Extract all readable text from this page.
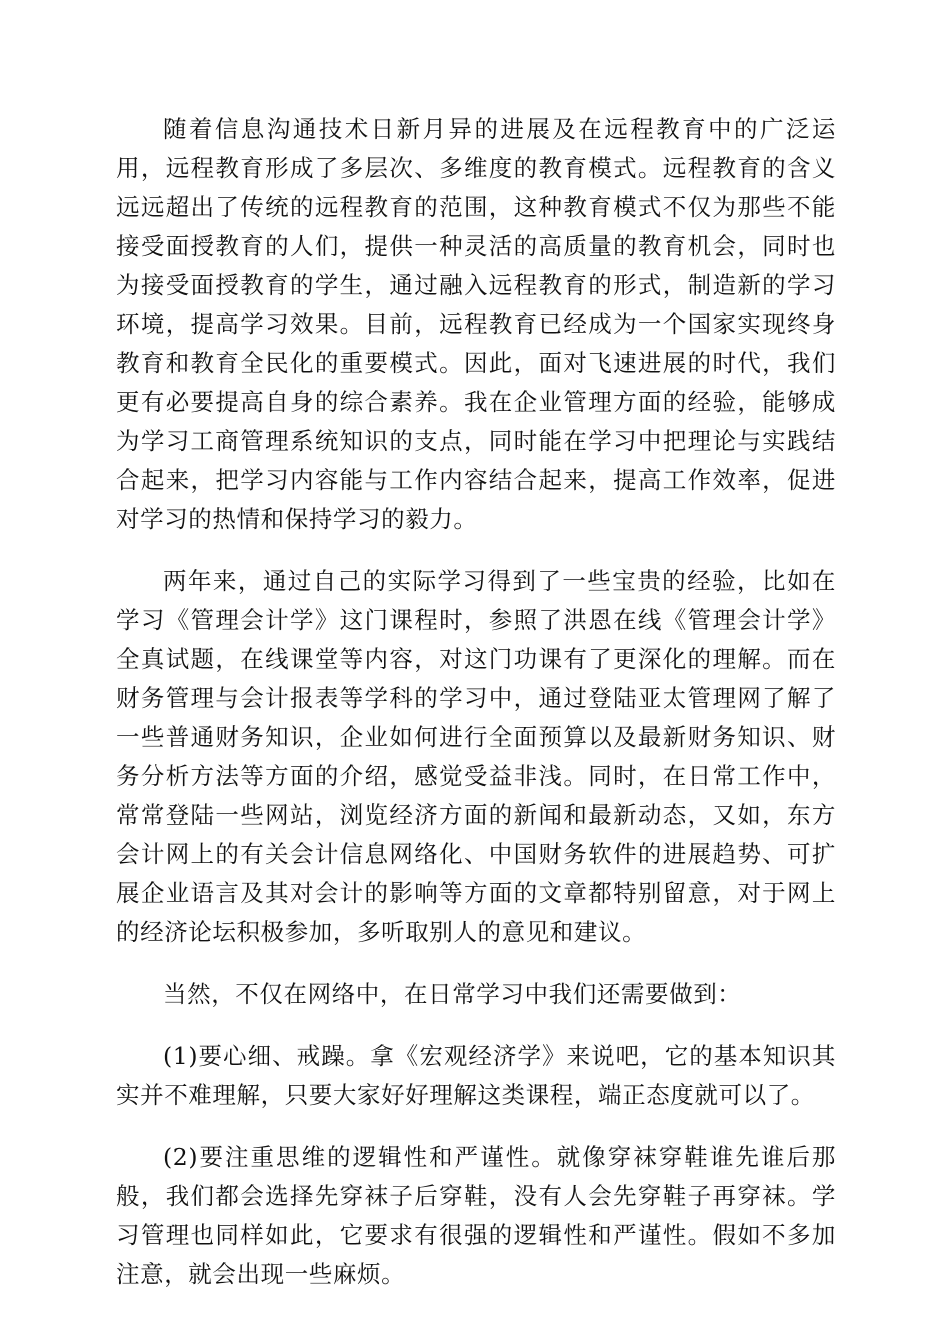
随着信息沟通技术日新月异的进展及在远程教育中的广泛运用，远程教育形成了多层次、多维度的教育模式。远程教育的含义远远超出了传统的远程教育的范围，这种教育模式不仅为那些不能接受面授教育的人们，提供一种灵活的高质量的教育机会，同时也为接受面授教育的学生，通过融入远程教育的形式，制造新的学习环境，提高学习效果。目前，远程教育已经成为一个国家实现终身教育和教育全民化的重要模式。因此，面对飞速进展的时代，我们更有必要提高自身的综合素养。我在企业管理方面的经验，能够成为学习工商管理系统知识的支点，同时能在学习中把理论与实践结合起来，把学习内容能与工作内容结合起来，提高工作效率，促进对学习的热情和保持学习的毅力。

两年来，通过自己的实际学习得到了一些宝贵的经验，比如在学习《管理会计学》这门课程时，参照了洪恩在线《管理会计学》全真试题，在线课堂等内容，对这门功课有了更深化的理解。而在财务管理与会计报表等学科的学习中，通过登陆亚太管理网了解了一些普通财务知识，企业如何进行全面预算以及最新财务知识、财务分析方法等方面的介绍，感觉受益非浅。同时，在日常工作中，常常登陆一些网站，浏览经济方面的新闻和最新动态，又如，东方会计网上的有关会计信息网络化、中国财务软件的进展趋势、可扩展企业语言及其对会计的影响等方面的文章都特别留意，对于网上的经济论坛积极参加，多听取别人的意见和建议。

当然，不仅在网络中，在日常学习中我们还需要做到：

(1)要心细、戒躁。拿《宏观经济学》来说吧，它的基本知识其实并不难理解，只要大家好好理解这类课程，端正态度就可以了。

(2)要注重思维的逻辑性和严谨性。就像穿袜穿鞋谁先谁后那般，我们都会选择先穿袜子后穿鞋，没有人会先穿鞋子再穿袜。学习管理也同样如此，它要求有很强的逻辑性和严谨性。假如不多加注意，就会出现一些麻烦。
